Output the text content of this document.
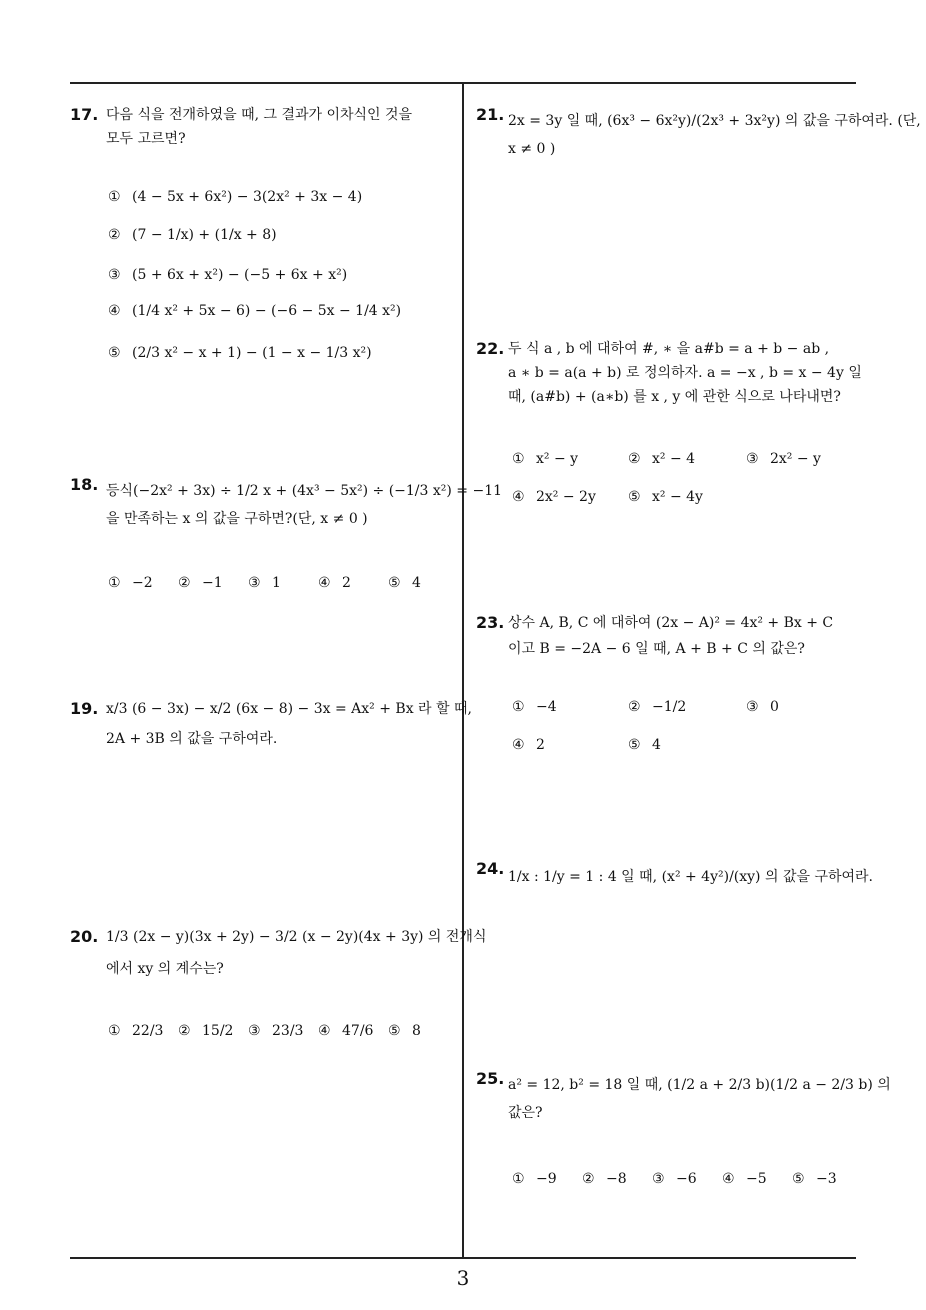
17. 다음 식을 전개하였을 때, 그 결과가 이차식인 것을
모두 고르면?
① (4 − 5x + 6x²) − 3(2x² + 3x − 4)
② (7 − 1/x) + (1/x + 8)
③ (5 + 6x + x²) − (−5 + 6x + x²)
④ (1/4 x² + 5x − 6) − (−6 − 5x − 1/4 x²)
⑤ (2/3 x² − x + 1) − (1 − x − 1/3 x²)
18. 등식(−2x² + 3x) ÷ 1/2 x + (4x³ − 5x²) ÷ (−1/3 x²) = −11
을 만족하는 x 의 값을 구하면?(단, x ≠ 0 )
① −2 ② −1 ③ 1	④ 2	⑤ 4
19. x/3 (6 − 3x) − x/2 (6x − 8) − 3x = Ax² + Bx 라 할 때,
2A + 3B 의 값을 구하여라.
20. 1/3 (2x − y)(3x + 2y) − 3/2 (x − 2y)(4x + 3y) 의 전개식
에서 xy 의 계수는?
① 22/3 ② 15/2 ③ 23/3 ④ 47/6 ⑤ 8
21. 2x = 3y 일 때, (6x³ − 6x²y)/(2x³ + 3x²y) 의 값을 구하여라. (단,
x ≠ 0 )
22. 두 식 a , b 에 대하여 #, ∗ 을 a#b = a + b − ab ,
a ∗ b = a(a + b) 로 정의하자. a = −x , b = x − 4y 일
때, (a#b) + (a∗b) 를 x , y 에 관한 식으로 나타내면?
① x² − y	② x² − 4	③ 2x² − y
④ 2x² − 2y ⑤ x² − 4y
23. 상수 A, B, C 에 대하여 (2x − A)² = 4x² + Bx + C
이고 B = −2A − 6 일 때, A + B + C 의 값은?
① −4	② −1/2	③ 0
④ 2	⑤ 4
24. 1/x : 1/y = 1 : 4 일 때, (x² + 4y²)/(xy) 의 값을 구하여라.
25. a² = 12, b² = 18 일 때, (1/2 a + 2/3 b)(1/2 a − 2/3 b) 의
값은?
① −9 ② −8 ③ −6 ④ −5 ⑤ −3
3
